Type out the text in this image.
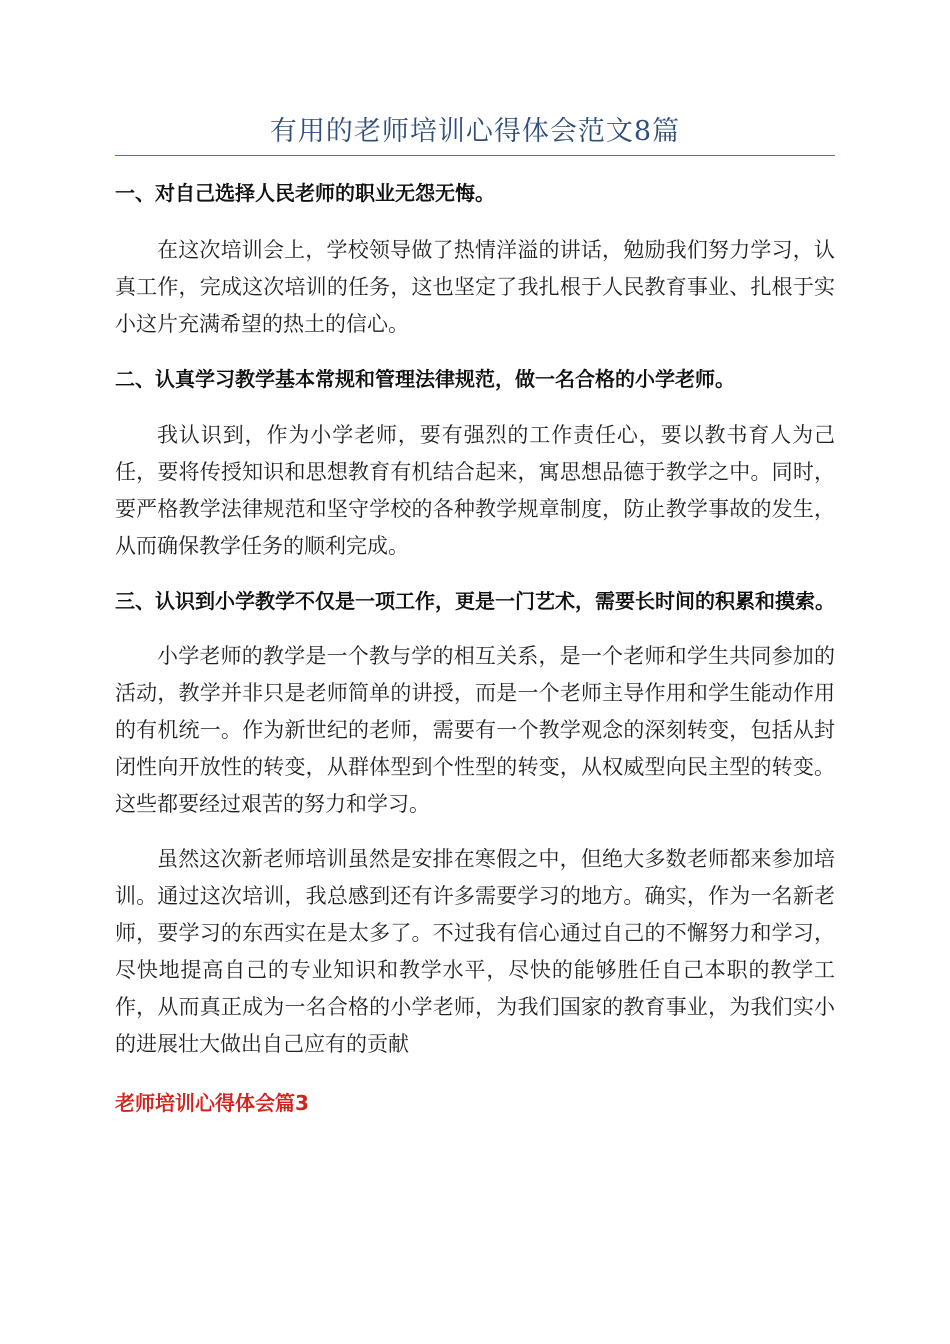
有用的老师培训心得体会范文8篇

一、对自己选择人民老师的职业无怨无悔。

在这次培训会上，学校领导做了热情洋溢的讲话，勉励我们努力学习，认真工作，完成这次培训的任务，这也坚定了我扎根于人民教育事业、扎根于实小这片充满希望的热土的信心。

二、认真学习教学基本常规和管理法律规范，做一名合格的小学老师。

我认识到，作为小学老师，要有强烈的工作责任心，要以教书育人为己任，要将传授知识和思想教育有机结合起来，寓思想品德于教学之中。同时，要严格教学法律规范和坚守学校的各种教学规章制度，防止教学事故的发生，从而确保教学任务的顺利完成。

三、认识到小学教学不仅是一项工作，更是一门艺术，需要长时间的积累和摸索。

小学老师的教学是一个教与学的相互关系，是一个老师和学生共同参加的活动，教学并非只是老师简单的讲授，而是一个老师主导作用和学生能动作用的有机统一。作为新世纪的老师，需要有一个教学观念的深刻转变，包括从封闭性向开放性的转变，从群体型到个性型的转变，从权威型向民主型的转变。这些都要经过艰苦的努力和学习。

虽然这次新老师培训虽然是安排在寒假之中，但绝大多数老师都来参加培训。通过这次培训，我总感到还有许多需要学习的地方。确实，作为一名新老师，要学习的东西实在是太多了。不过我有信心通过自己的不懈努力和学习，尽快地提高自己的专业知识和教学水平，尽快的能够胜任自己本职的教学工作，从而真正成为一名合格的小学老师，为我们国家的教育事业，为我们实小的进展壮大做出自己应有的贡献

老师培训心得体会篇3
